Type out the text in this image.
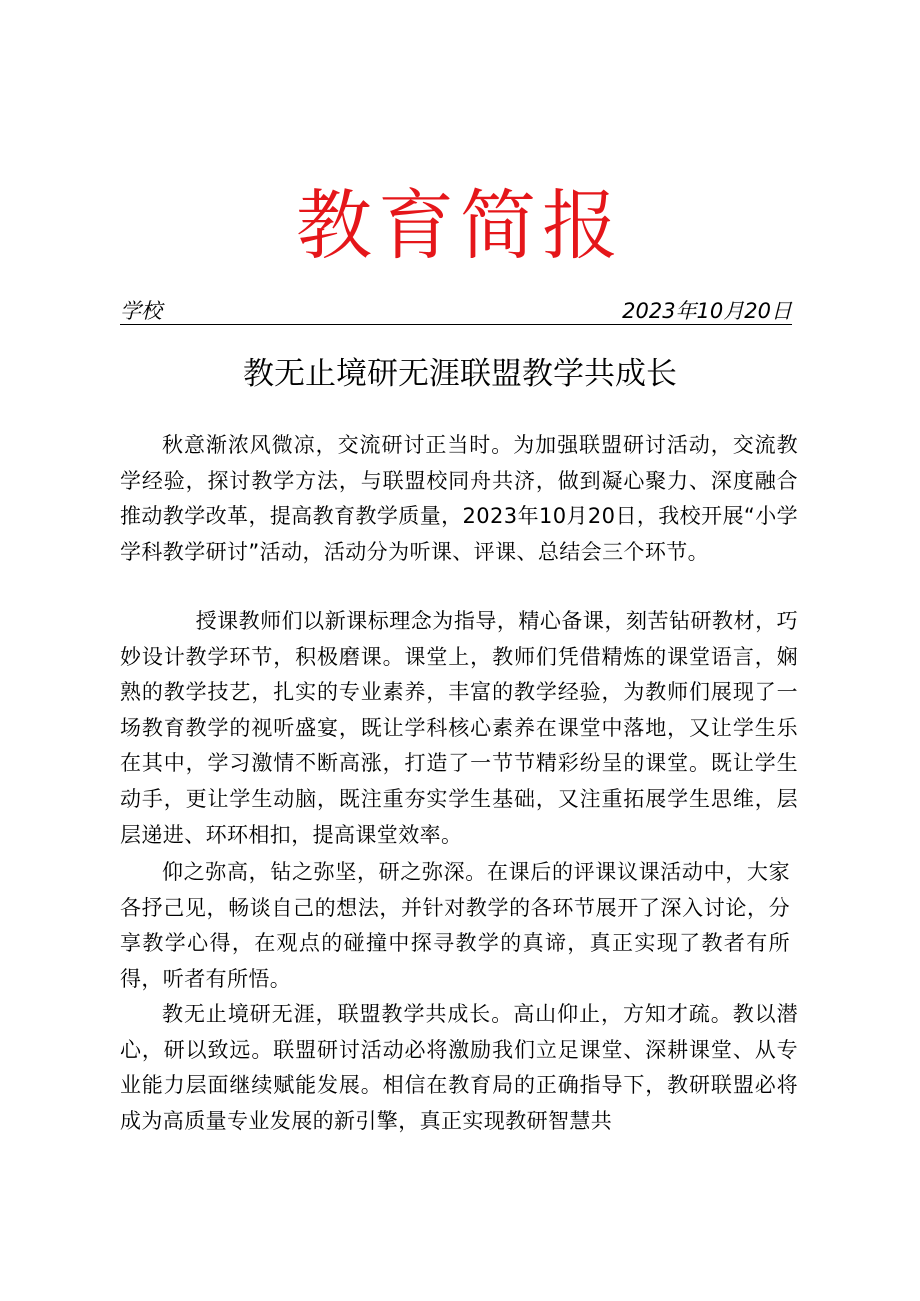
教育简报
学校	2023年10月20日
教无止境研无涯联盟教学共成长

秋意渐浓风微凉，交流研讨正当时。为加强联盟研讨活动，交流教学经验，探讨教学方法，与联盟校同舟共济，做到凝心聚力、深度融合推动教学改革，提高教育教学质量，2023年10月20日，我校开展“小学学科教学研讨”活动，活动分为听课、评课、总结会三个环节。

授课教师们以新课标理念为指导，精心备课，刻苦钻研教材，巧妙设计教学环节，积极磨课。课堂上，教师们凭借精炼的课堂语言，娴熟的教学技艺，扎实的专业素养，丰富的教学经验，为教师们展现了一场教育教学的视听盛宴，既让学科核心素养在课堂中落地，又让学生乐在其中，学习激情不断高涨，打造了一节节精彩纷呈的课堂。既让学生动手，更让学生动脑，既注重夯实学生基础，又注重拓展学生思维，层层递进、环环相扣，提高课堂效率。

仰之弥高，钻之弥坚，研之弥深。在课后的评课议课活动中，大家各抒己见，畅谈自己的想法，并针对教学的各环节展开了深入讨论，分享教学心得，在观点的碰撞中探寻教学的真谛，真正实现了教者有所得，听者有所悟。

教无止境研无涯，联盟教学共成长。高山仰止，方知才疏。教以潜心，研以致远。联盟研讨活动必将激励我们立足课堂、深耕课堂、从专业能力层面继续赋能发展。相信在教育局的正确指导下，教研联盟必将成为高质量专业发展的新引擎，真正实现教研智慧共
